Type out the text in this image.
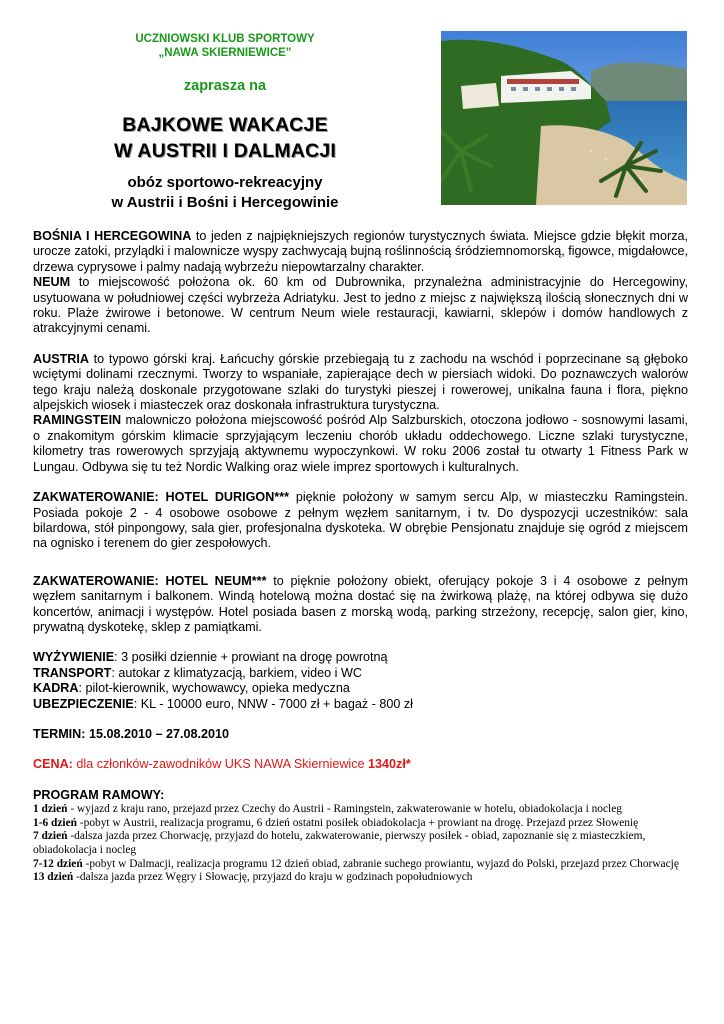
UCZNIOWSKI KLUB SPORTOWY
„NAWA SKIERNIEWICE”
zaprasza na
BAJKOWE WAKACJE
W AUSTRII I DALMACJI
obóz sportowo-rekreacyjny
w Austrii i Bośni i Hercegowinie

BOŚNIA I HERCEGOWINA to jeden z najpiękniejszych regionów turystycznych świata. Miejsce gdzie błękit morza, urocze zatoki, przylądki i malownicze wyspy zachwycają bujną roślinnością śródziemnomorską, figowce, migdałowce, drzewa cyprysowe i palmy nadają wybrzeżu niepowtarzalny charakter.

NEUM to miejscowość położona ok. 60 km od Dubrownika, przynależna administracyjnie do Hercegowiny, usytuowana w południowej części wybrzeża Adriatyku. Jest to jedno z miejsc z największą ilością słonecznych dni w roku. Plaże żwirowe i betonowe. W centrum Neum wiele restauracji, kawiarni, sklepów i domów handlowych z atrakcyjnymi cenami.

AUSTRIA to typowo górski kraj. Łańcuchy górskie przebiegają tu z zachodu na wschód i poprzecinane są głęboko wciętymi dolinami rzecznymi. Tworzy to wspaniałe, zapierające dech w piersiach widoki. Do poznawczych walorów tego kraju należą doskonale przygotowane szlaki do turystyki pieszej i rowerowej, unikalna fauna i flora, piękno alpejskich wiosek i miasteczek oraz doskonała infrastruktura turystyczna.

RAMINGSTEIN malowniczo położona miejscowość pośród Alp Salzburskich, otoczona jodłowo - sosnowymi lasami, o znakomitym górskim klimacie sprzyjającym leczeniu chorób układu oddechowego. Liczne szlaki turystyczne, kilometry tras rowerowych sprzyjają aktywnemu wypoczynkowi. W roku 2006 został tu otwarty 1 Fitness Park w Lungau. Odbywa się tu też Nordic Walking oraz wiele imprez sportowych i kulturalnych.

ZAKWATEROWANIE: HOTEL DURIGON*** pięknie położony w samym sercu Alp, w miasteczku Ramingstein. Posiada pokoje 2 - 4 osobowe osobowe z pełnym węzłem sanitarnym, i tv. Do dyspozycji uczestników: sala bilardowa, stół pinpongowy, sala gier, profesjonalna dyskoteka. W obrębie Pensjonatu znajduje się ogród z miejscem na ognisko i terenem do gier zespołowych.

ZAKWATEROWANIE: HOTEL NEUM*** to pięknie położony obiekt, oferujący pokoje 3 i 4 osobowe z pełnym węzłem sanitarnym i balkonem. Windą hotelową można dostać się na żwirkową plażę, na której odbywa się dużo koncertów, animacji i występów. Hotel posiada basen z morską wodą, parking strzeżony, recepcję, salon gier, kino, prywatną dyskotekę, sklep z pamiątkami.

WYŻYWIENIE: 3 posiłki dziennie + prowiant na drogę powrotną

TRANSPORT: autokar z klimatyzacją, barkiem, video i WC

KADRA: pilot-kierownik, wychowawcy, opieka medyczna

UBEZPIECZENIE: KL - 10000 euro, NNW - 7000 zł + bagaż - 800 zł

TERMIN: 15.08.2010 – 27.08.2010

CENA: dla członków-zawodników UKS NAWA Skierniewice 1340zł*

PROGRAM RAMOWY:

1 dzień - wyjazd z kraju rano, przejazd przez Czechy do Austrii - Ramingstein, zakwaterowanie w hotelu, obiadokolacja i nocleg
1-6 dzień -pobyt w Austrii, realizacja programu, 6 dzień ostatni posiłek obiadokolacja + prowiant na drogę. Przejazd przez Słowenię
7 dzień -dalsza jazda przez Chorwację, przyjazd do hotelu, zakwaterowanie, pierwszy posiłek - obiad, zapoznanie się z miasteczkiem, obiadokolacja i nocleg
7-12 dzień -pobyt w Dalmacji, realizacja programu 12 dzień obiad, zabranie suchego prowiantu, wyjazd do Polski, przejazd przez Chorwację
13 dzień -dalsza jazda przez Węgry i Słowację, przyjazd do kraju w godzinach popołudniowych
